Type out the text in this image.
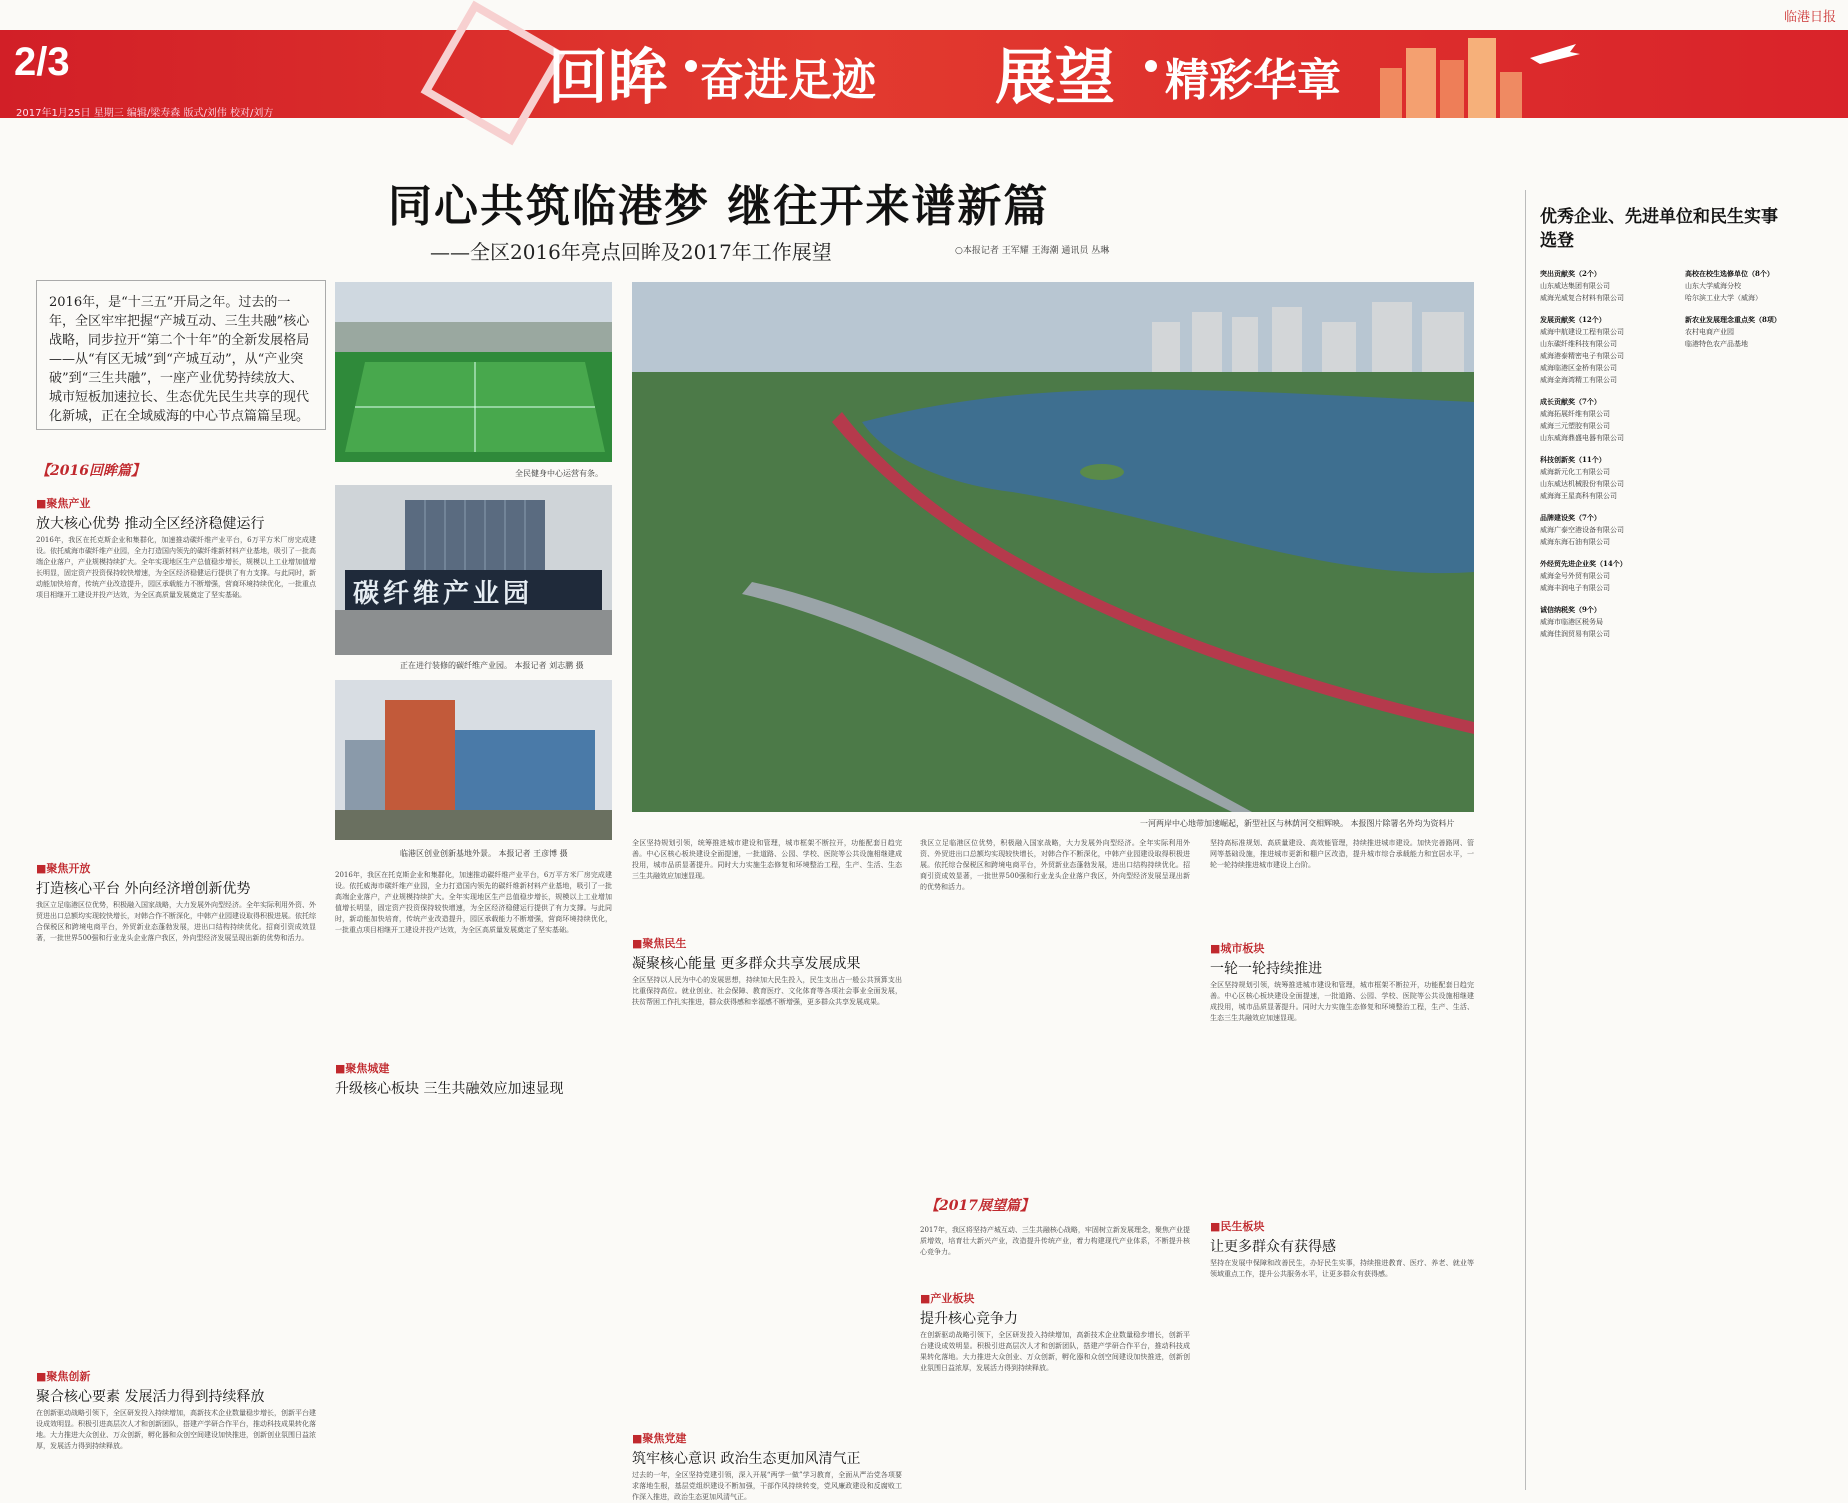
2/3
2017年1月25日 星期三 编辑/梁寿森 版式/刘伟 校对/刘方
回眸 奋进足迹 展望 精彩华章
临港日报
同心共筑临港梦 继往开来谱新篇
——全区2016年亮点回眸及2017年工作展望	○本报记者 王军耀 王海潮 通讯员 丛琳
2016年，是“十三五”开局之年。过去的一年，全区牢牢把握“产城互动、三生共融”核心战略，同步拉开“第二个十年”的全新发展格局——从“有区无城”到“产城互动”，从“产业突破”到“三生共融”，一座产业优势持续放大、城市短板加速拉长、生态优先民生共享的现代化新城，正在全域威海的中心节点篇篇呈现。
【2016回眸篇】
■聚焦产业
放大核心优势 推动全区经济稳健运行
2016年，我区在托克斯企业和集群化，加速推动碳纤维产业平台，6万平方米厂房完成建设。依托威海市碳纤维产业园，全力打造国内领先的碳纤维新材料产业基地，吸引了一批高端企业落户，产业规模持续扩大。全年实现地区生产总值稳步增长，规模以上工业增加值增长明显，固定资产投资保持较快增速，为全区经济稳健运行提供了有力支撑。与此同时，新动能加快培育，传统产业改造提升，园区承载能力不断增强，营商环境持续优化，一批重点项目相继开工建设并投产达效，为全区高质量发展奠定了坚实基础。
■聚焦开放
打造核心平台 外向经济增创新优势
我区立足临港区位优势，积极融入国家战略，大力发展外向型经济。全年实际利用外资、外贸进出口总额均实现较快增长，对韩合作不断深化，中韩产业园建设取得积极进展。依托综合保税区和跨境电商平台，外贸新业态蓬勃发展，进出口结构持续优化。招商引资成效显著，一批世界500强和行业龙头企业落户我区，外向型经济发展呈现出新的优势和活力。
■聚焦创新
聚合核心要素 发展活力得到持续释放
在创新驱动战略引领下，全区研发投入持续增加，高新技术企业数量稳步增长，创新平台建设成效明显。积极引进高层次人才和创新团队，搭建产学研合作平台，推动科技成果转化落地。大力推进大众创业、万众创新，孵化器和众创空间建设加快推进，创新创业氛围日益浓厚，发展活力得到持续释放。
全民健身中心运营有条。
碳纤维产业园
正在进行装修的碳纤维产业园。 本报记者 刘志鹏 摄
临港区创业创新基地外景。 本报记者 王彦博 摄
2016年，我区在托克斯企业和集群化，加速推动碳纤维产业平台，6万平方米厂房完成建设。依托威海市碳纤维产业园，全力打造国内领先的碳纤维新材料产业基地，吸引了一批高端企业落户，产业规模持续扩大。全年实现地区生产总值稳步增长，规模以上工业增加值增长明显，固定资产投资保持较快增速，为全区经济稳健运行提供了有力支撑。与此同时，新动能加快培育，传统产业改造提升，园区承载能力不断增强，营商环境持续优化，一批重点项目相继开工建设并投产达效，为全区高质量发展奠定了坚实基础。
一河两岸中心地带加速崛起，新型社区与林荫河交相辉映。 本报图片除署名外均为资料片
全区坚持规划引领，统筹推进城市建设和管理，城市框架不断拉开，功能配套日趋完善。中心区核心板块建设全面提速，一批道路、公园、学校、医院等公共设施相继建成投用，城市品质显著提升。同时大力实施生态修复和环境整治工程，生产、生活、生态三生共融效应加速显现。
■聚焦民生
凝聚核心能量 更多群众共享发展成果
全区坚持以人民为中心的发展思想，持续加大民生投入，民生支出占一般公共预算支出比重保持高位。就业创业、社会保障、教育医疗、文化体育等各项社会事业全面发展，扶贫帮困工作扎实推进，群众获得感和幸福感不断增强，更多群众共享发展成果。
■聚焦党建
筑牢核心意识 政治生态更加风清气正
过去的一年，全区坚持党建引领，深入开展“两学一做”学习教育，全面从严治党各项要求落地生根，基层党组织建设不断加强，干部作风持续转变，党风廉政建设和反腐败工作深入推进，政治生态更加风清气正。
■聚焦城建
升级核心板块 三生共融效应加速显现
我区立足临港区位优势，积极融入国家战略，大力发展外向型经济。全年实际利用外资、外贸进出口总额均实现较快增长，对韩合作不断深化，中韩产业园建设取得积极进展。依托综合保税区和跨境电商平台，外贸新业态蓬勃发展，进出口结构持续优化。招商引资成效显著，一批世界500强和行业龙头企业落户我区，外向型经济发展呈现出新的优势和活力。
【2017展望篇】
2017年，我区将坚持产城互动、三生共融核心战略，牢固树立新发展理念，聚焦产业提质增效，培育壮大新兴产业，改造提升传统产业，着力构建现代产业体系，不断提升核心竞争力。
■产业板块
提升核心竞争力
在创新驱动战略引领下，全区研发投入持续增加，高新技术企业数量稳步增长，创新平台建设成效明显。积极引进高层次人才和创新团队，搭建产学研合作平台，推动科技成果转化落地。大力推进大众创业、万众创新，孵化器和众创空间建设加快推进，创新创业氛围日益浓厚，发展活力得到持续释放。
坚持高标准规划、高质量建设、高效能管理，持续推进城市建设。加快完善路网、管网等基础设施，推进城市更新和棚户区改造，提升城市综合承载能力和宜居水平，一轮一轮持续推进城市建设上台阶。
■城市板块
一轮一轮持续推进
全区坚持规划引领，统筹推进城市建设和管理，城市框架不断拉开，功能配套日趋完善。中心区核心板块建设全面提速，一批道路、公园、学校、医院等公共设施相继建成投用，城市品质显著提升。同时大力实施生态修复和环境整治工程，生产、生活、生态三生共融效应加速显现。
■民生板块
让更多群众有获得感
坚持在发展中保障和改善民生，办好民生实事，持续推进教育、医疗、养老、就业等领域重点工作，提升公共服务水平，让更多群众有获得感。
优秀企业、先进单位和民生实事选登
突出贡献奖（2个）
山东威达集团有限公司
威海光威复合材料有限公司
发展贡献奖（12个）
威海中航建设工程有限公司
山东碳纤维科技有限公司
威海港泰精密电子有限公司
威海临港区金桥有限公司
威海金海湾精工有限公司
成长贡献奖（7个）
威海拓展纤维有限公司
威海三元塑胶有限公司
山东威海鼎盛电器有限公司
科技创新奖（11个）
威海新元化工有限公司
山东威达机械股份有限公司
威海海王星高科有限公司
品牌建设奖（7个）
威海广泰空港设备有限公司
威海东海石油有限公司
外经贸先进企业奖（14个）
威海金号外贸有限公司
威海丰润电子有限公司
诚信纳税奖（9个）
威海市临港区税务局
威海佳润贸易有限公司
高校在校生选修单位（8个）
山东大学威海分校
哈尔滨工业大学（威海）
新农业发展理念重点奖（8项）
农村电商产业园
临港特色农产品基地
